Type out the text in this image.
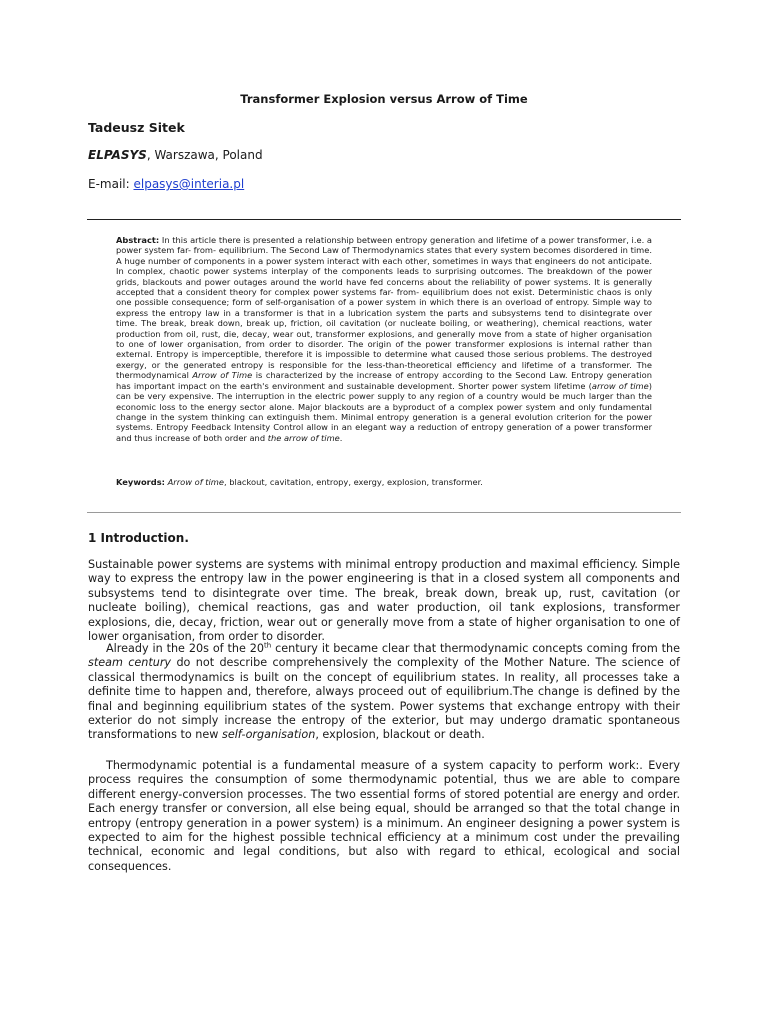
Transformer Explosion versus Arrow of Time
Tadeusz Sitek
ELPASYS, Warszawa, Poland
E-mail: elpasys@interia.pl
Abstract: In this article there is presented a relationship between entropy generation and lifetime of a power transformer, i.e. a power system far- from- equilibrium. The Second Law of Thermodynamics states that every system becomes disordered in time. A huge number of components in a power system interact with each other, sometimes in ways that engineers do not anticipate. In complex, chaotic power systems interplay of the components leads to surprising outcomes. The breakdown of the power grids, blackouts and power outages around the world have fed concerns about the reliability of power systems. It is generally accepted that a consident theory for complex power systems far- from- equilibrium does not exist. Deterministic chaos is only one possible consequence; form of self-organisation of a power system in which there is an overload of entropy. Simple way to express the entropy law in a transformer is that in a lubrication system the parts and subsystems tend to disintegrate over time. The break, break down, break up, friction, oil cavitation (or nucleate boiling, or weathering), chemical reactions, water production from oil, rust, die, decay, wear out, transformer explosions, and generally move from a state of higher organisation to one of lower organisation, from order to disorder. The origin of the power transformer explosions is internal rather than external. Entropy is imperceptible, therefore it is impossible to determine what caused those serious problems. The destroyed exergy, or the generated entropy is responsible for the less-than-theoretical efficiency and lifetime of a transformer. The thermodynamical Arrow of Time is characterized by the increase of entropy according to the Second Law. Entropy generation has important impact on the earth's environment and sustainable development. Shorter power system lifetime (arrow of time) can be very expensive. The interruption in the electric power supply to any region of a country would be much larger than the economic loss to the energy sector alone. Major blackouts are a byproduct of a complex power system and only fundamental change in the system thinking can extinguish them. Minimal entropy generation is a general evolution criterion for the power systems. Entropy Feedback Intensity Control allow in an elegant way a reduction of entropy generation of a power transformer and thus increase of both order and the arrow of time.
Keywords: Arrow of time, blackout, cavitation, entropy, exergy, explosion, transformer.
1 Introduction.
Sustainable power systems are systems with minimal entropy production and maximal efficiency. Simple way to express the entropy law in the power engineering is that in a closed system all components and subsystems tend to disintegrate over time. The break, break down, break up, rust, cavitation (or nucleate boiling), chemical reactions, gas and water production, oil tank explosions, transformer explosions, die, decay, friction, wear out or generally move from a state of higher organisation to one of lower organisation, from order to disorder.
Already in the 20s of the 20th century it became clear that thermodynamic concepts coming from the steam century do not describe comprehensively the complexity of the Mother Nature. The science of classical thermodynamics is built on the concept of equilibrium states. In reality, all processes take a definite time to happen and, therefore, always proceed out of equilibrium.The change is defined by the final and beginning equilibrium states of the system. Power systems that exchange entropy with their exterior do not simply increase the entropy of the exterior, but may undergo dramatic spontaneous transformations to new self-organisation, explosion, blackout or death.
Thermodynamic potential is a fundamental measure of a system capacity to perform work:. Every process requires the consumption of some thermodynamic potential, thus we are able to compare different energy-conversion processes. The two essential forms of stored potential are energy and order. Each energy transfer or conversion, all else being equal, should be arranged so that the total change in entropy (entropy generation in a power system) is a minimum. An engineer designing a power system is expected to aim for the highest possible technical efficiency at a minimum cost under the prevailing technical, economic and legal conditions, but also with regard to ethical, ecological and social consequences.
